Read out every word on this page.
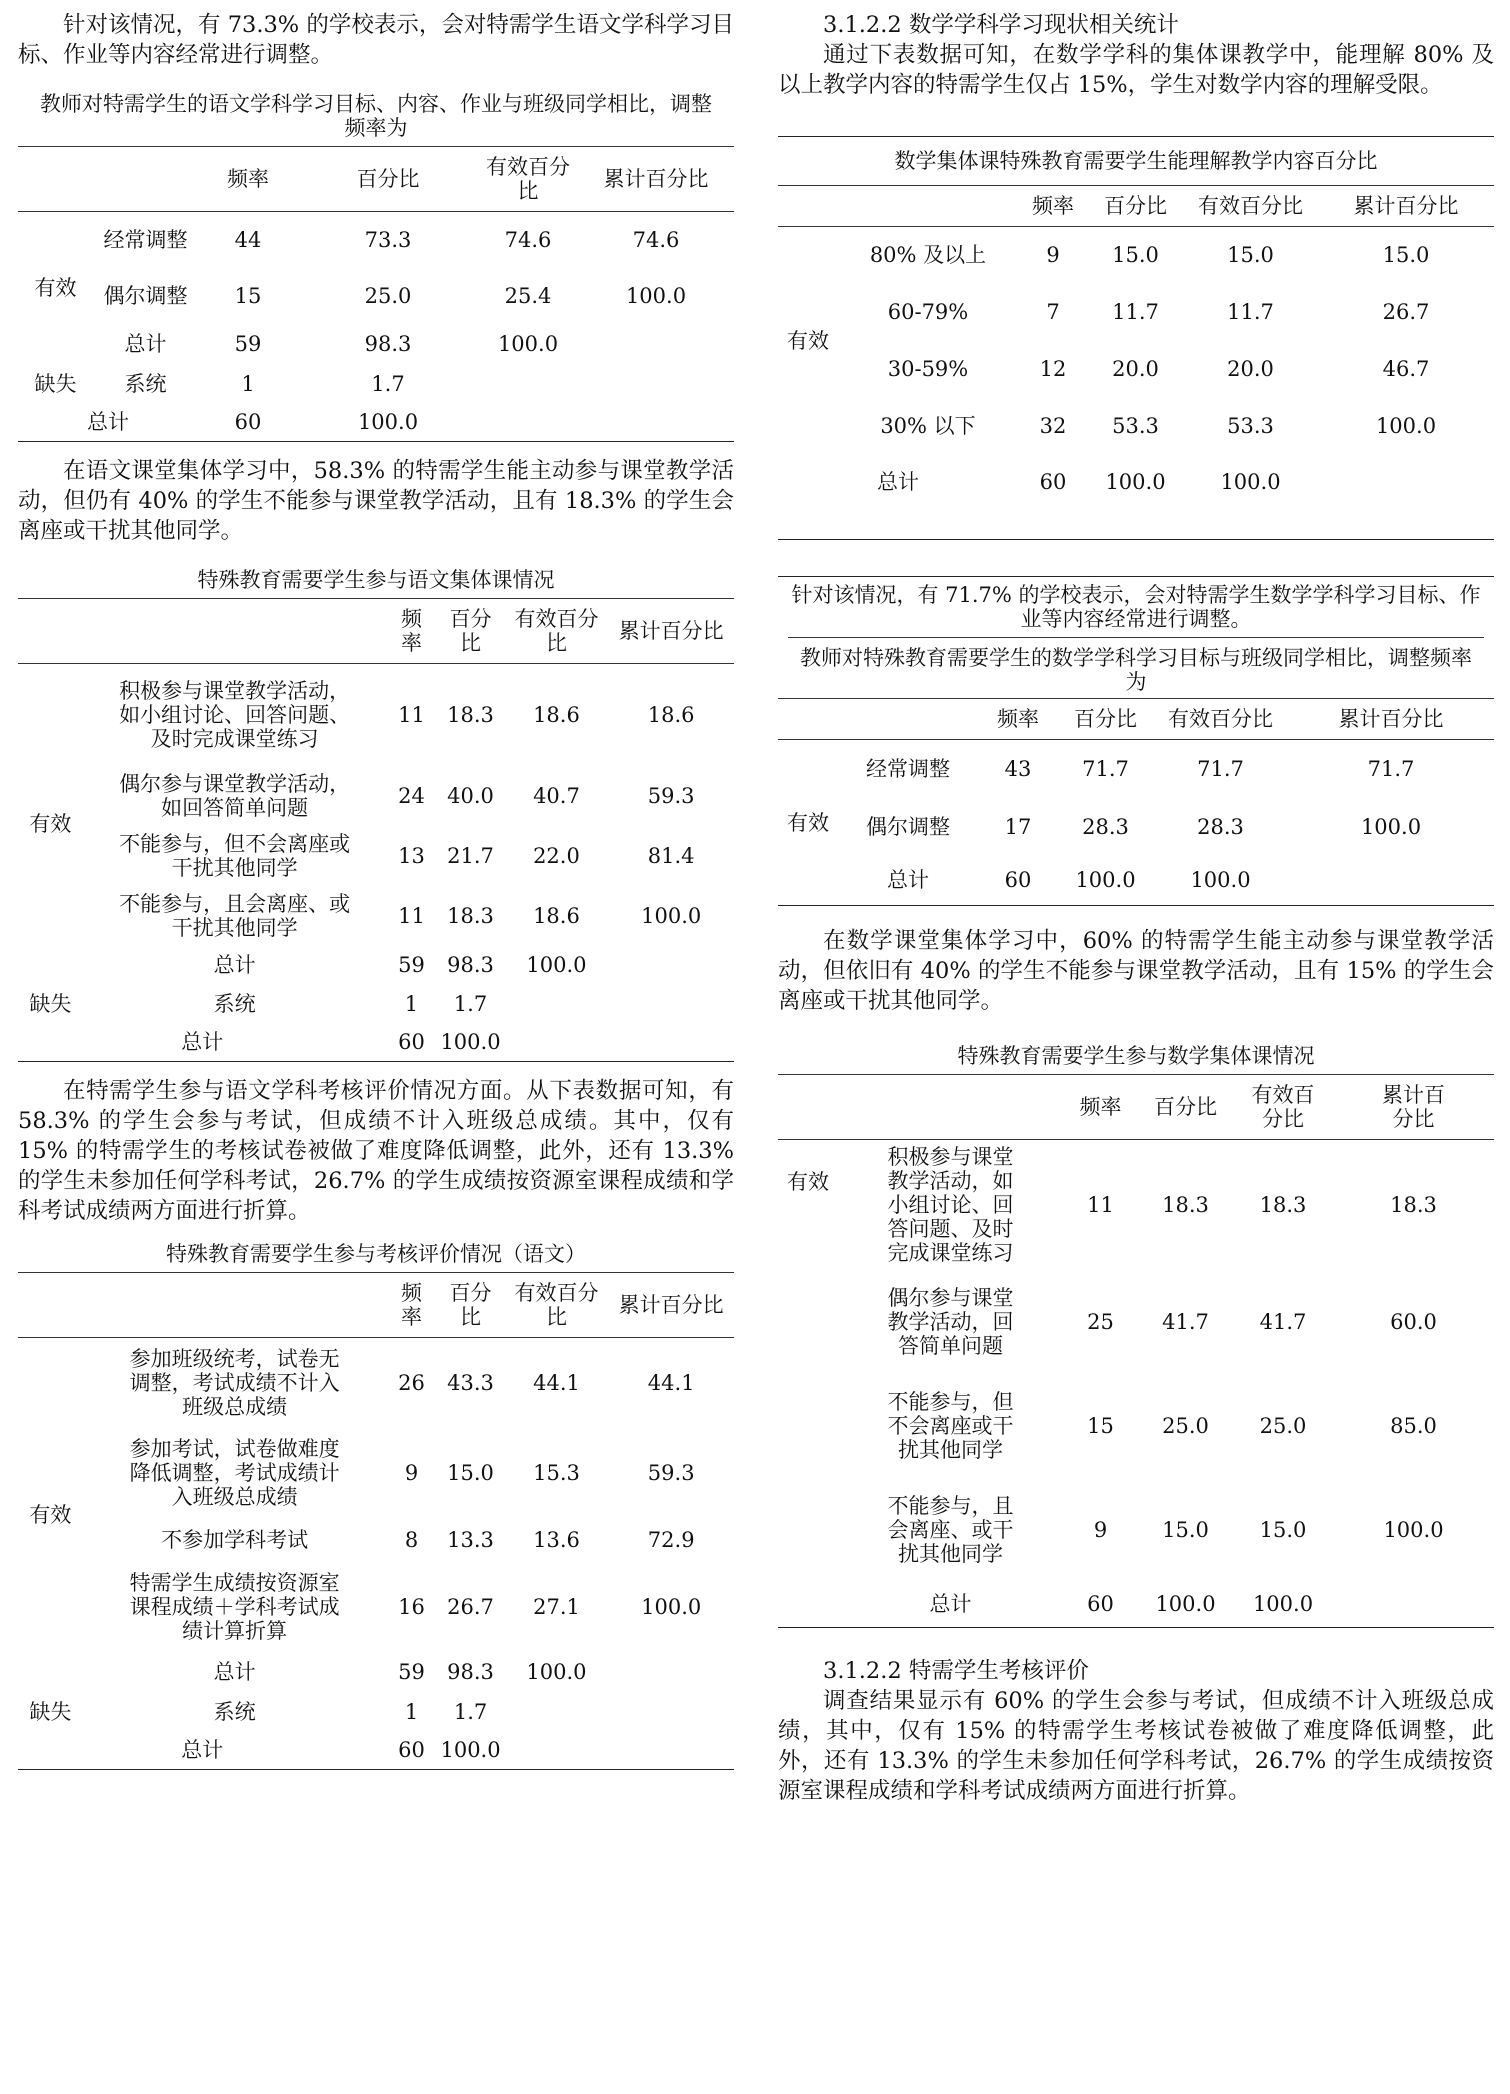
针对该情况，有 73.3% 的学校表示，会对特需学生语文学科学习目标、作业等内容经常进行调整。

教师对特需学生的语文学科学习目标、内容、作业与班级同学相比，调整频率为
		频率	百分比	有效百分比	累计百分比
有效	经常调整	44	73.3	74.6	74.6
	偶尔调整	15	25.0	25.4	100.0
	总计	59	98.3	100.0	
缺失	系统	1	1.7		
总计		60	100.0		

在语文课堂集体学习中，58.3% 的特需学生能主动参与课堂教学活动，但仍有 40% 的学生不能参与课堂教学活动，且有 18.3% 的学生会离座或干扰其他同学。

特殊教育需要学生参与语文集体课情况
		频率	百分比	有效百分比	累计百分比
有效	积极参与课堂教学活动，如小组讨论、回答问题、及时完成课堂练习	11	18.3	18.6	18.6
	偶尔参与课堂教学活动，如回答简单问题	24	40.0	40.7	59.3
	不能参与，但不会离座或干扰其他同学	13	21.7	22.0	81.4
	不能参与，且会离座、或干扰其他同学	11	18.3	18.6	100.0
	总计	59	98.3	100.0	
缺失	系统	1	1.7		
总计		60	100.0		

在特需学生参与语文学科考核评价情况方面。从下表数据可知，有 58.3% 的学生会参与考试，但成绩不计入班级总成绩。其中，仅有 15% 的特需学生的考核试卷被做了难度降低调整，此外，还有 13.3% 的学生未参加任何学科考试，26.7% 的学生成绩按资源室课程成绩和学科考试成绩两方面进行折算。

特殊教育需要学生参与考核评价情况（语文）
		频率	百分比	有效百分比	累计百分比
有效	参加班级统考，试卷无调整，考试成绩不计入班级总成绩	26	43.3	44.1	44.1
	参加考试，试卷做难度降低调整，考试成绩计入班级总成绩	9	15.0	15.3	59.3
	不参加学科考试	8	13.3	13.6	72.9
	特需学生成绩按资源室课程成绩＋学科考试成绩计算折算	16	26.7	27.1	100.0
	总计	59	98.3	100.0	
缺失	系统	1	1.7		
总计		60	100.0		

3.1.2.2 数学学科学习现状相关统计

通过下表数据可知，在数学学科的集体课教学中，能理解 80% 及以上教学内容的特需学生仅占 15%，学生对数学内容的理解受限。

数学集体课特殊教育需要学生能理解教学内容百分比
		频率	百分比	有效百分比	累计百分比
有效	80% 及以上	9	15.0	15.0	15.0
	60-79%	7	11.7	11.7	26.7
	30-59%	12	20.0	20.0	46.7
	30% 以下	32	53.3	53.3	100.0
总计		60	100.0	100.0	

针对该情况，有 71.7% 的学校表示，会对特需学生数学学科学习目标、作业等内容经常进行调整。
教师对特殊教育需要学生的数学学科学习目标与班级同学相比，调整频率为
		频率	百分比	有效百分比	累计百分比
有效	经常调整	43	71.7	71.7	71.7
	偶尔调整	17	28.3	28.3	100.0
	总计	60	100.0	100.0	

在数学课堂集体学习中，60% 的特需学生能主动参与课堂教学活动，但依旧有 40% 的学生不能参与课堂教学活动，且有 15% 的学生会离座或干扰其他同学。

特殊教育需要学生参与数学集体课情况
		频率	百分比	有效百分比	累计百分比
有效	积极参与课堂教学活动，如小组讨论、回答问题、及时完成课堂练习	11	18.3	18.3	18.3
	偶尔参与课堂教学活动，回答简单问题	25	41.7	41.7	60.0
	不能参与，但不会离座或干扰其他同学	15	25.0	25.0	85.0
	不能参与，且会离座、或干扰其他同学	9	15.0	15.0	100.0
	总计	60	100.0	100.0	

3.1.2.2 特需学生考核评价

调查结果显示有 60% 的学生会参与考试，但成绩不计入班级总成绩，其中，仅有 15% 的特需学生考核试卷被做了难度降低调整，此外，还有 13.3% 的学生未参加任何学科考试，26.7% 的学生成绩按资源室课程成绩和学科考试成绩两方面进行折算。
